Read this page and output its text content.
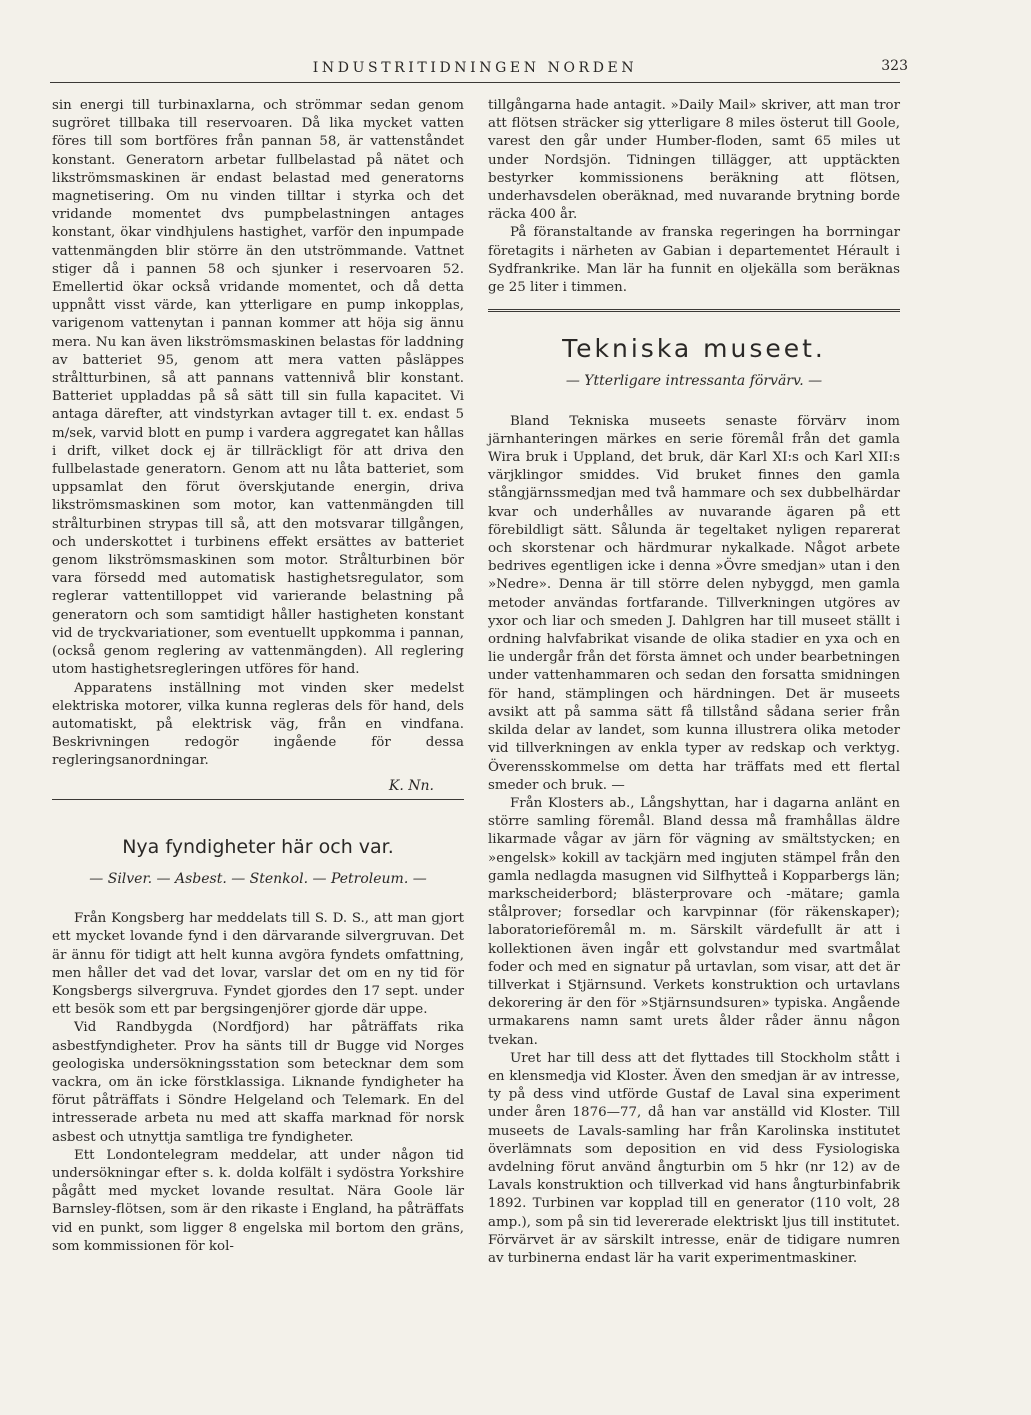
INDUSTRITIDNINGEN NORDEN	323

sin energi till turbinaxlarna, och strömmar sedan genom sugröret tillbaka till reservoaren. Då lika mycket vatten föres till som bortföres från pannan 58, är vattenståndet konstant. Generatorn arbetar fullbelastad på nätet och likströmsmaskinen är endast belastad med generatorns magnetisering. Om nu vinden tilltar i styrka och det vridande momentet dvs pumpbelastningen antages konstant, ökar vindhjulens hastighet, varför den inpumpade vattenmängden blir större än den utströmmande. Vattnet stiger då i pannen 58 och sjunker i reservoaren 52. Emellertid ökar också vridande momentet, och då detta uppnått visst värde, kan ytterligare en pump inkopplas, varigenom vattenytan i pannan kommer att höja sig ännu mera. Nu kan även likströmsmaskinen belastas för laddning av batteriet 95, genom att mera vatten påsläppes stråltturbinen, så att pannans vattennivå blir konstant. Batteriet uppladdas på så sätt till sin fulla kapacitet. Vi antaga därefter, att vindstyrkan avtager till t. ex. endast 5 m/sek, varvid blott en pump i vardera aggregatet kan hållas i drift, vilket dock ej är tillräckligt för att driva den fullbelastade generatorn. Genom att nu låta batteriet, som uppsamlat den förut överskjutande energin, driva likströmsmaskinen som motor, kan vattenmängden till strålturbinen strypas till så, att den motsvarar tillgången, och underskottet i turbinens effekt ersättes av batteriet genom likströmsmaskinen som motor. Strålturbinen bör vara försedd med automatisk hastighetsregulator, som reglerar vattentilloppet vid varierande belastning på generatorn och som samtidigt håller hastigheten konstant vid de tryckvariationer, som eventuellt uppkomma i pannan, (också genom reglering av vattenmängden). All reglering utom hastighetsregleringen utföres för hand.

Apparatens inställning mot vinden sker medelst elektriska motorer, vilka kunna regleras dels för hand, dels automatiskt, på elektrisk väg, från en vindfana. Beskrivningen redogör ingående för dessa regleringsanordningar.

K. Nn.
Nya fyndigheter här och var.
— Silver. — Asbest. — Stenkol. — Petroleum. —

Från Kongsberg har meddelats till S. D. S., att man gjort ett mycket lovande fynd i den därvarande silvergruvan. Det är ännu för tidigt att helt kunna avgöra fyndets omfattning, men håller det vad det lovar, varslar det om en ny tid för Kongsbergs silvergruva. Fyndet gjordes den 17 sept. under ett besök som ett par bergsingenjörer gjorde där uppe.

Vid Randbygda (Nordfjord) har påträffats rika asbestfyndigheter. Prov ha sänts till dr Bugge vid Norges geologiska undersökningsstation som betecknar dem som vackra, om än icke förstklassiga. Liknande fyndigheter ha förut påträffats i Söndre Helgeland och Telemark. En del intresserade arbeta nu med att skaffa marknad för norsk asbest och utnyttja samtliga tre fyndigheter.

Ett Londontelegram meddelar, att under någon tid undersökningar efter s. k. dolda kolfält i sydöstra Yorkshire pågått med mycket lovande resultat. Nära Goole lär Barnsley-flötsen, som är den rikaste i England, ha påträffats vid en punkt, som ligger 8 engelska mil bortom den gräns, som kommissionen för kol-

tillgångarna hade antagit. »Daily Mail» skriver, att man tror att flötsen sträcker sig ytterligare 8 miles österut till Goole, varest den går under Humber-floden, samt 65 miles ut under Nordsjön. Tidningen tillägger, att upptäckten bestyrker kommissionens beräkning att flötsen, underhavsdelen oberäknad, med nuvarande brytning borde räcka 400 år.

På föranstaltande av franska regeringen ha borrningar företagits i närheten av Gabian i departementet Hérault i Sydfrankrike. Man lär ha funnit en oljekälla som beräknas ge 25 liter i timmen.

Tekniska museet.
— Ytterligare intressanta förvärv. —

Bland Tekniska museets senaste förvärv inom järnhanteringen märkes en serie föremål från det gamla Wira bruk i Uppland, det bruk, där Karl XI:s och Karl XII:s värjklingor smiddes. Vid bruket finnes den gamla stångjärnssmedjan med två hammare och sex dubbelhärdar kvar och underhålles av nuvarande ägaren på ett förebildligt sätt. Sålunda är tegeltaket nyligen reparerat och skorstenar och härdmurar nykalkade. Något arbete bedrives egentligen icke i denna »Övre smedjan» utan i den »Nedre». Denna är till större delen nybyggd, men gamla metoder användas fortfarande. Tillverkningen utgöres av yxor och liar och smeden J. Dahlgren har till museet ställt i ordning halvfabrikat visande de olika stadier en yxa och en lie undergår från det första ämnet och under bearbetningen under vattenhammaren och sedan den forsatta smidningen för hand, stämplingen och härdningen. Det är museets avsikt att på samma sätt få tillstånd sådana serier från skilda delar av landet, som kunna illustrera olika metoder vid tillverkningen av enkla typer av redskap och verktyg. Överensskommelse om detta har träffats med ett flertal smeder och bruk. —

Från Klosters ab., Långshyttan, har i dagarna anlänt en större samling föremål. Bland dessa må framhållas äldre likarmade vågar av järn för vägning av smältstycken; en »engelsk» kokill av tackjärn med ingjuten stämpel från den gamla nedlagda masugnen vid Silfhytteå i Kopparbergs län; markscheiderbord; blästerprovare och -mätare; gamla stålprover; forsedlar och karvpinnar (för räkenskaper); laboratorieföremål m. m. Särskilt värdefullt är att i kollektionen även ingår ett golvstandur med svartmålat foder och med en signatur på urtavlan, som visar, att det är tillverkat i Stjärnsund. Verkets konstruktion och urtavlans dekorering är den för »Stjärnsundsuren» typiska. Angående urmakarens namn samt urets ålder råder ännu någon tvekan.

Uret har till dess att det flyttades till Stockholm stått i en klensmedja vid Kloster. Även den smedjan är av intresse, ty på dess vind utförde Gustaf de Laval sina experiment under åren 1876—77, då han var anställd vid Kloster. Till museets de Lavals-samling har från Karolinska institutet överlämnats som deposition en vid dess Fysiologiska avdelning förut använd ångturbin om 5 hkr (nr 12) av de Lavals konstruktion och tillverkad vid hans ångturbinfabrik 1892. Turbinen var kopplad till en generator (110 volt, 28 amp.), som på sin tid levererade elektriskt ljus till institutet. Förvärvet är av särskilt intresse, enär de tidigare numren av turbinerna endast lär ha varit experimentmaskiner.
